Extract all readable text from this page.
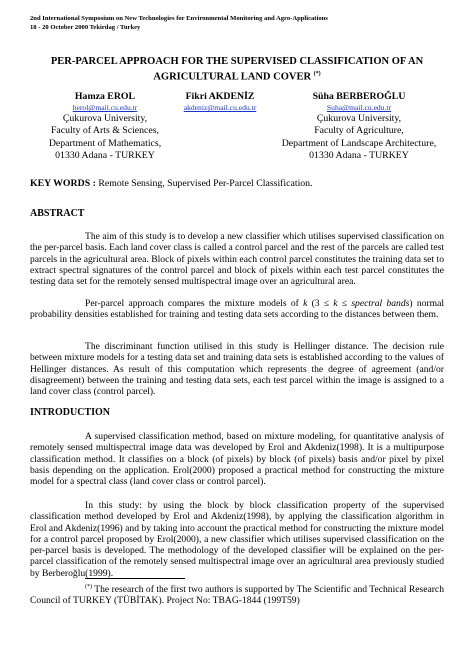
2nd International Symposium on New Technologies for Environmental Monitoring and Agro-Applications
18 - 20 October 2000 Tekirdag / Turkey
PER-PARCEL APPROACH FOR THE SUPERVISED CLASSIFICATION OF AN
AGRICULTURAL LAND COVER (*)
Hamza EROL
herol@mail.cu.edu.tr
Çukurova University,
Faculty of Arts & Sciences,
Department of Mathematics,
01330 Adana - TURKEY
Fikri AKDENİZ
akdeniz@mail.cu.edu.tr
Süha BERBEROĞLU
Suha@mail.cu.edu.tr
Çukurova University,
Faculty of Agriculture,
Department of Landscape Architecture,
01330 Adana - TURKEY
KEY WORDS : Remote Sensing, Supervised Per-Parcel Classification.
ABSTRACT

The aim of this study is to develop a new classifier which utilises supervised classification on the per-parcel basis. Each land cover class is called a control parcel and the rest of the parcels are called test parcels in the agricultural area. Block of pixels within each control parcel constitutes the training data set to extract spectral signatures of the control parcel and block of pixels within each test parcel constitutes the testing data set for the remotely sensed multispectral image over an agricultural area.

Per-parcel approach compares the mixture models of k (3 ≤ k ≤ spectral bands) normal probability densities established for training and testing data sets according to the distances between them.

The discriminant function utilised in this study is Hellinger distance. The decision rule between mixture models for a testing data set and training data sets is established according to the values of Hellinger distances. As result of this computation which represents the degree of agreement (and/or disagreement) between the training and testing data sets, each test parcel within the image is assigned to a land cover class (control parcel).

INTRODUCTION

A supervised classification method, based on mixture modeling, for quantitative analysis of remotely sensed multispectral image data was developed by Erol and Akdeniz(1998). It is a multipurpose classification method. It classifies on a block (of pixels) by block (of pixels) basis and/or pixel by pixel basis depending on the application. Erol(2000) proposed a practical method for constructing the mixture model for a spectral class (land cover class or control parcel).

In this study: by using the block by block classification property of the supervised classification method developed by Erol and Akdeniz(1998), by applying the classification algorithm in Erol and Akdeniz(1996) and by taking into account the practical method for constructing the mixture model for a control parcel proposed by Erol(2000), a new classifier which utilises supervised classification on the per-parcel basis is developed. The methodology of the developed classifier will be explained on the per-parcel classification of the remotely sensed multispectral image over an agricultural area previously studied by Berberoğlu(1999).

(*) The research of the first two authors is supported by The Scientific and Technical Research Council of TURKEY (TÜBİTAK). Project No: TBAG-1844 (199T59)
